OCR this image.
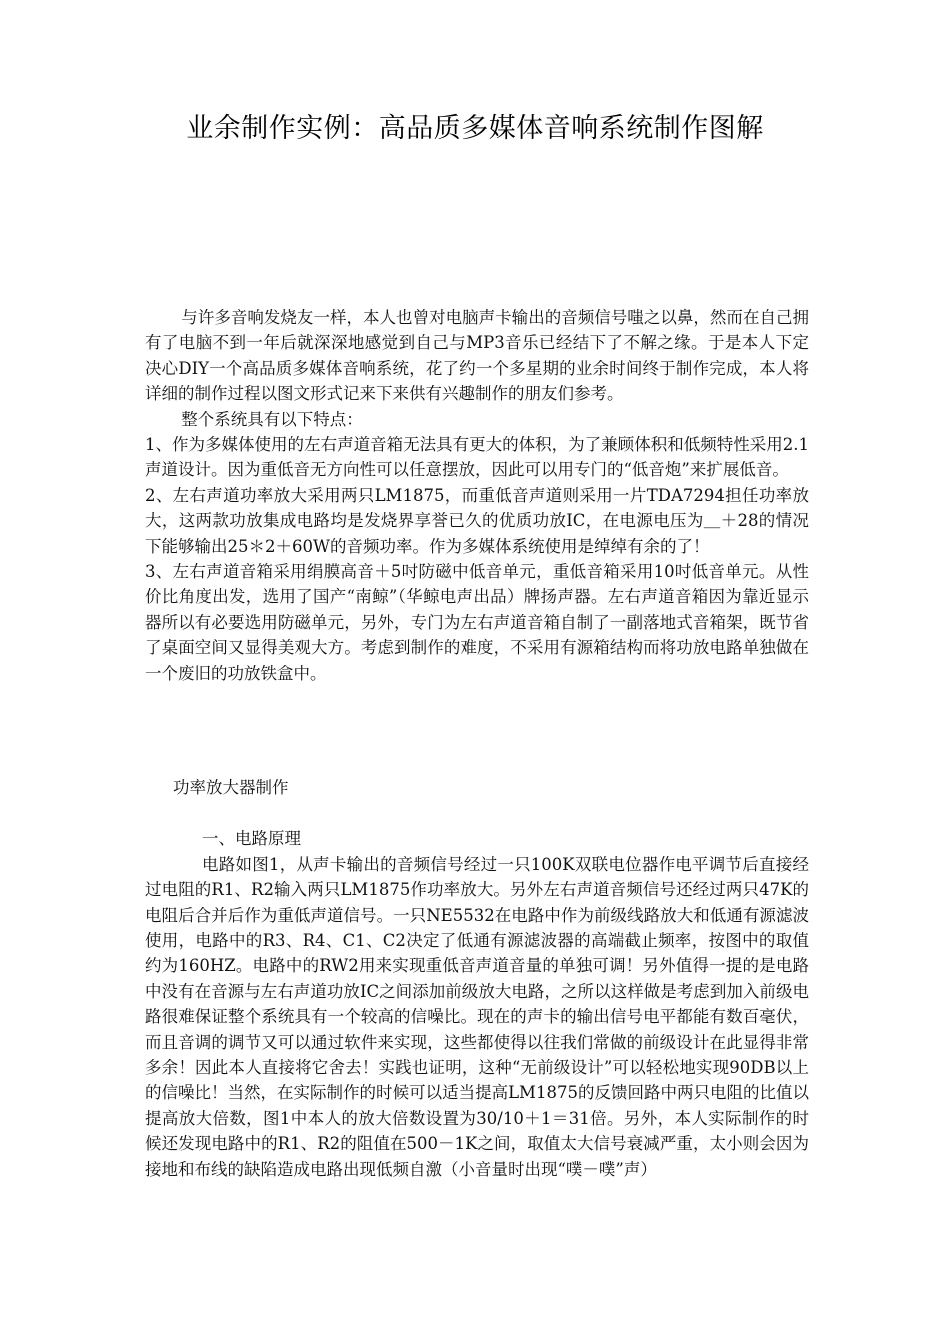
业余制作实例：高品质多媒体音响系统制作图解

与许多音响发烧友一样，本人也曾对电脑声卡输出的音频信号嗤之以鼻，然而在自己拥有了电脑不到一年后就深深地感觉到自己与MP3音乐已经结下了不解之缘。于是本人下定决心DIY一个高品质多媒体音响系统，花了约一个多星期的业余时间终于制作完成，本人将详细的制作过程以图文形式记来下来供有兴趣制作的朋友们参考。

整个系统具有以下特点：

1、作为多媒体使用的左右声道音箱无法具有更大的体积，为了兼顾体积和低频特性采用2.1声道设计。因为重低音无方向性可以任意摆放，因此可以用专门的“低音炮”来扩展低音。

2、左右声道功率放大采用两只LM1875，而重低音声道则采用一片TDA7294担任功率放大，这两款功放集成电路均是发烧界享誉已久的优质功放IC，在电源电压为＿＋28的情况下能够输出25＊2＋60W的音频功率。作为多媒体系统使用是绰绰有余的了！

3、左右声道音箱采用绢膜高音＋5吋防磁中低音单元，重低音箱采用10吋低音单元。从性价比角度出发，选用了国产“南鲸”（华鲸电声出品）牌扬声器。左右声道音箱因为靠近显示器所以有必要选用防磁单元，另外，专门为左右声道音箱自制了一副落地式音箱架，既节省了桌面空间又显得美观大方。考虑到制作的难度，不采用有源箱结构而将功放电路单独做在一个废旧的功放铁盒中。

功率放大器制作

一、电路原理

电路如图1，从声卡输出的音频信号经过一只100K双联电位器作电平调节后直接经过电阻的R1、R2输入两只LM1875作功率放大。另外左右声道音频信号还经过两只47K的电阻后合并后作为重低声道信号。一只NE5532在电路中作为前级线路放大和低通有源滤波使用，电路中的R3、R4、C1、C2决定了低通有源滤波器的高端截止频率，按图中的取值约为160HZ。电路中的RW2用来实现重低音声道音量的单独可调！另外值得一提的是电路中没有在音源与左右声道功放IC之间添加前级放大电路，之所以这样做是考虑到加入前级电路很难保证整个系统具有一个较高的信噪比。现在的声卡的输出信号电平都能有数百毫伏，而且音调的调节又可以通过软件来实现，这些都使得以往我们常做的前级设计在此显得非常多余！因此本人直接将它舍去！实践也证明，这种“无前级设计”可以轻松地实现90DB以上的信噪比！当然，在实际制作的时候可以适当提高LM1875的反馈回路中两只电阻的比值以提高放大倍数，图1中本人的放大倍数设置为30/10＋1＝31倍。另外，本人实际制作的时候还发现电路中的R1、R2的阻值在500－1K之间，取值太大信号衰减严重，太小则会因为接地和布线的缺陷造成电路出现低频自激（小音量时出现“噗－噗”声）
